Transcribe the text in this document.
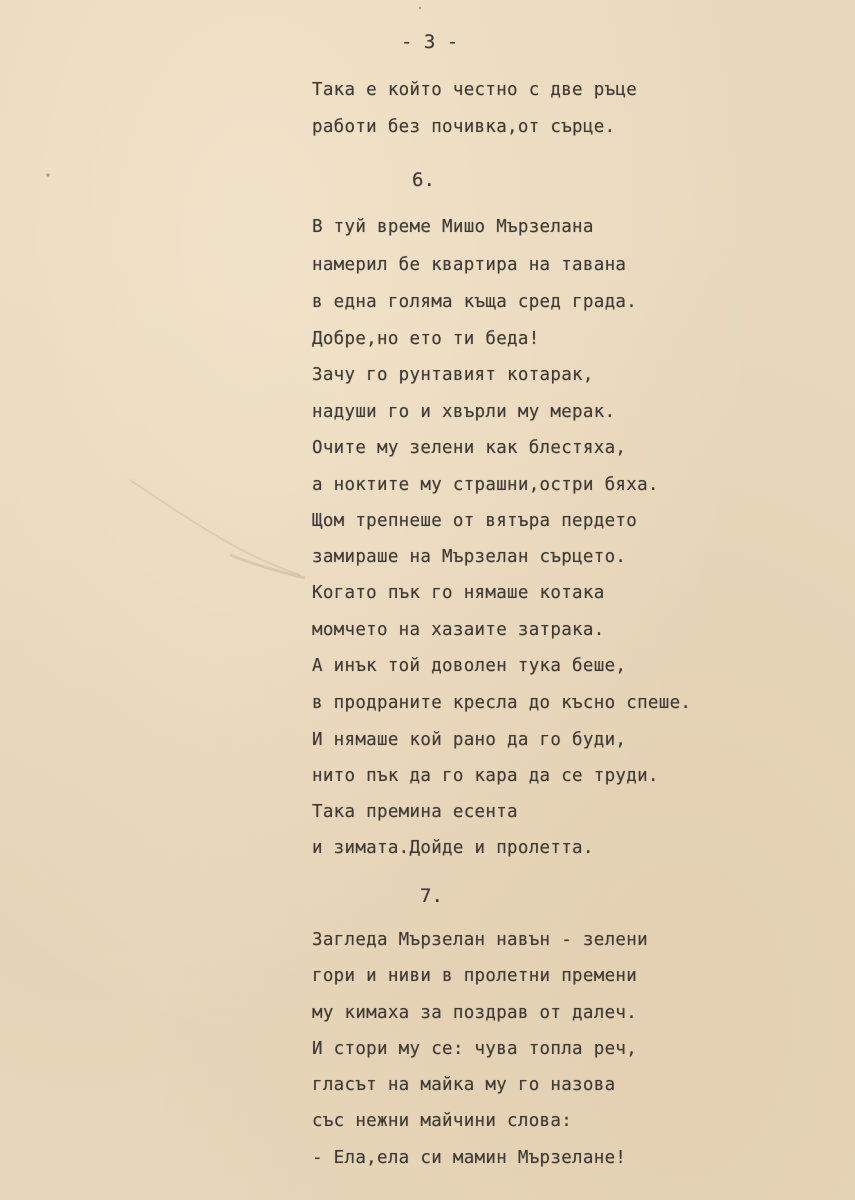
- 3 -
Така е който честно с две ръце
работи без почивка,от сърце.
6.
В туй време Мишо Мързелана
намерил бе квартира на тавана
в една голяма къща сред града.
Добре,но ето ти беда!
Зачу го рунтавият котарак,
надуши го и хвърли му мерак.
Очите му зелени как блестяха,
а ноктите му страшни,остри бяха.
Щом трепнеше от вятъра пердето
замираше на Мързелан сърцето.
Когато пък го нямаше котака
момчето на хазаите затрака.
А инък той доволен тука беше,
в продраните кресла до късно спеше.
И нямаше кой рано да го буди,
нито пък да го кара да се труди.
Така премина есента
и зимата.Дойде и пролетта.
7.
Загледа Мързелан навън - зелени
гори и ниви в пролетни премени
му кимаха за поздрав от далеч.
И стори му се: чува топла реч,
гласът на майка му го назова
със нежни майчини слова:
- Ела,ела си мамин Мързеланe!
